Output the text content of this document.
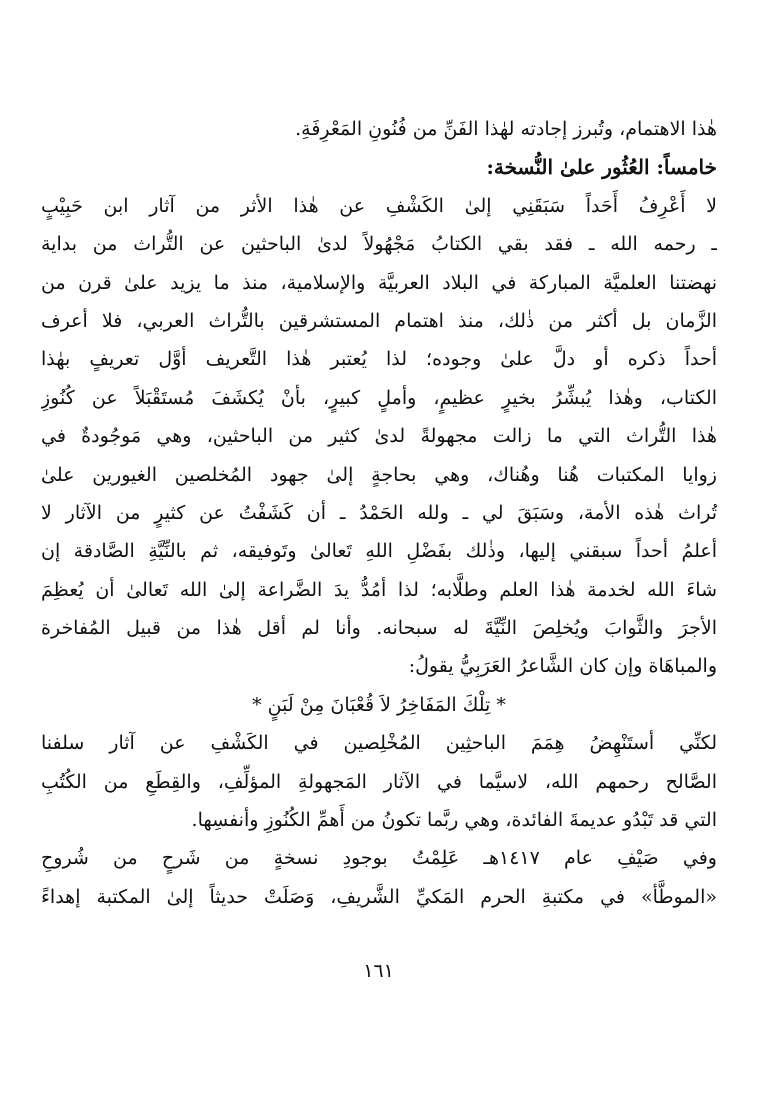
هٰذا الاهتمام، وتُبرز إجادته لهٰذا الفَنِّ من فُنُونِ المَعْرِفَةِ.
خامساً: العُثُور علىٰ النُّسخة:
لا أَعْرِفُ أَحَداً سَبَقَنِي إلىٰ الكَشْفِ عن هٰذا الأثر من آثار ابن حَبِيْبٍ
ـ رحمه الله ـ فقد بقي الكتابُ مَجْهُولاً لدىٰ الباحثين عن التُّراث من بداية
نهضتنا العلميَّة المباركة في البلاد العربيَّة والإسلامية، منذ ما يزيد علىٰ قرن من
الزَّمان بل أكثر من ذٰلك، منذ اهتمام المستشرقين بالتُّراث العربي، فلا أعرف
أحداً ذكره أو دلَّ علىٰ وجوده؛ لذا يُعتبر هٰذا التَّعريف أوَّل تعريفٍ بهٰذا
الكتاب، وهٰذا يُبشِّرُ بخيرٍ عظيمٍ، وأملٍ كبيرٍ، بأنْ يُكشَفَ مُستَقْبَلاً عن كُنُوزِ
هٰذا التُّراث التي ما زالت مجهولةً لدىٰ كثير من الباحثين، وهي مَوجُودةٌ في
زوايا المكتبات هُنا وهُناك، وهي بحاجةٍ إلىٰ جهود المُخلصين الغيورين علىٰ
تُراث هٰذه الأمة، وسَبَقَ لي ـ ولله الحَمْدُ ـ أن كَشَفْتُ عن كثيرٍ من الآثار لا
أعلمُ أحداً سبقني إليها، وذٰلك بفَضْلِ اللهِ تَعالىٰ وتَوفيقه، ثم بالنِّيَّةِ الصَّادقة إن
شاءَ الله لخدمة هٰذا العلم وطلَّابه؛ لذا أمُدُّ يدَ الضَّراعة إلىٰ الله تَعالىٰ أن يُعظِمَ
الأجرَ والثَّوابَ ويُخلِصَ النِّيَّةَ له سبحانه. وأنا لم أقل هٰذا من قبيل المُفاخرة
والمباهَاة وإن كان الشَّاعرُ العَرَبِيُّ يقولُ:
* تِلْكَ المَفَاخِرُ لاَ قُعْبَانَ مِنْ لَبَنٍ *
لكنِّي أستَنْهِضُ هِمَمَ الباحثِين المُخْلِصين في الكَشْفِ عن آثار سلفنا
الصَّالح رحمهم الله، لاسيَّما في الآثار المَجهولةِ المؤلِّفِ، والقِطَعِ من الكُتُبِ
التي قد تَبْدُو عديمةَ الفائدة، وهي ربَّما تكونُ من أَهمِّ الكُنُوزِ وأنفسِها.
وفي صَيْفِ عام ١٤١٧هـ عَلِمْتُ بوجودِ نسخةٍ من شَرحٍ من شُروحِ
«الموطَّأ» في مكتبةِ الحرم المَكيِّ الشَّريفِ، وَصَلَتْ حديثاً إلىٰ المكتبة إهداءً
١٦١
